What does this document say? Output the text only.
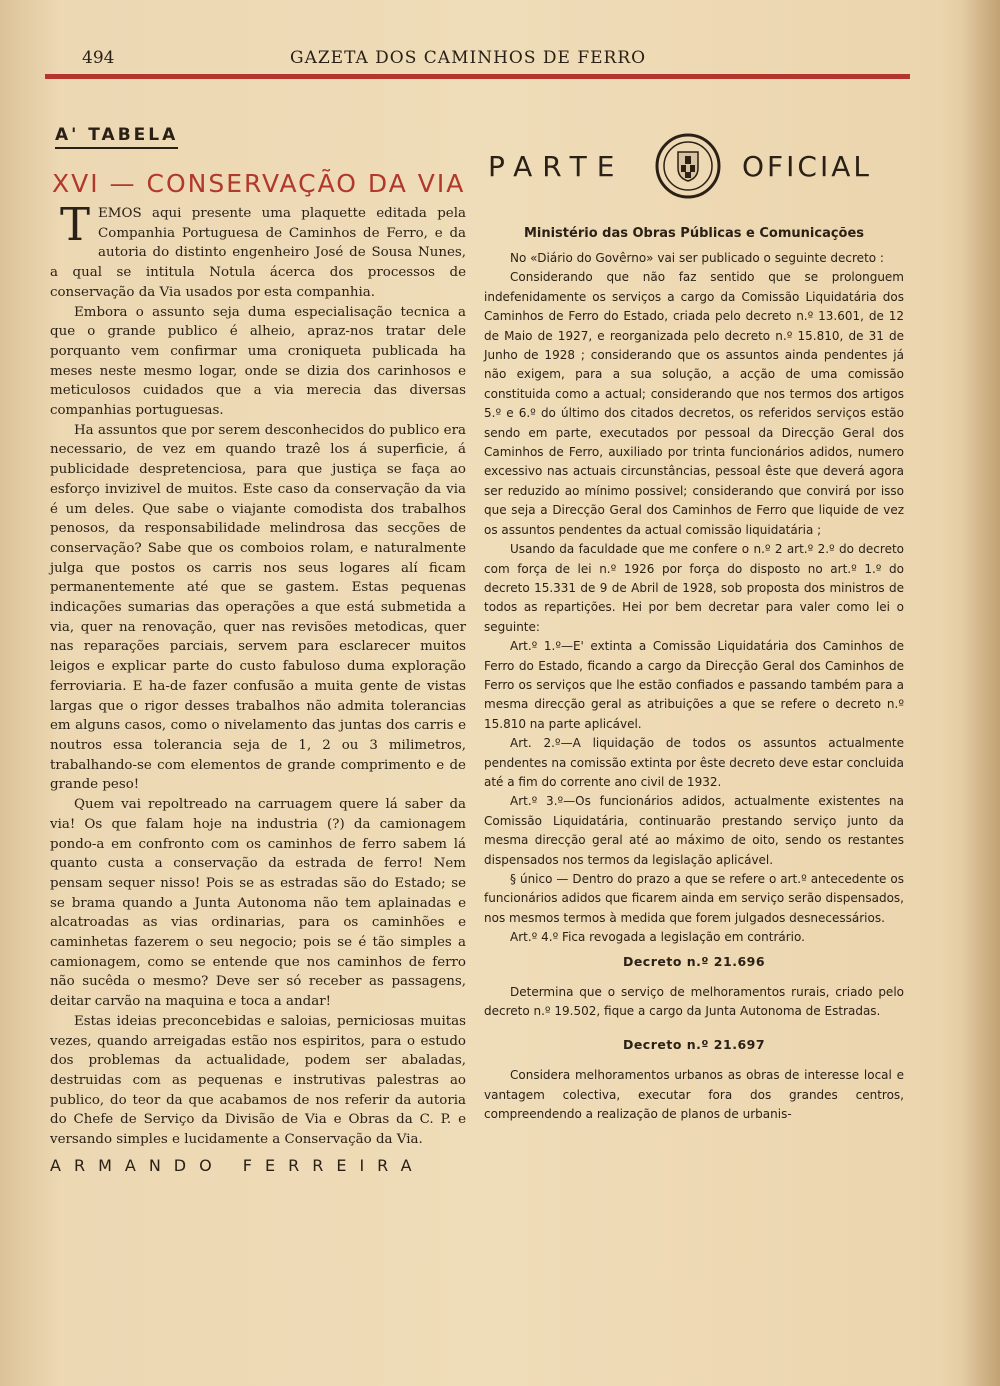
494	GAZETA DOS CAMINHOS DE FERRO
A' TABELA
XVI — CONSERVAÇÃO DA VIA

TEMOS aqui presente uma plaquette editada pela Companhia Portuguesa de Caminhos de Ferro, e da autoria do distinto engenheiro José de Sousa Nunes, a qual se intitula Notula ácerca dos processos de conservação da Via usados por esta companhia.

Embora o assunto seja duma especialisação tecnica a que o grande publico é alheio, apraz-nos tratar dele porquanto vem confirmar uma croniqueta publicada ha meses neste mesmo logar, onde se dizia dos carinhosos e meticulosos cuidados que a via merecia das diversas companhias portuguesas.

Ha assuntos que por serem desconhecidos do publico era necessario, de vez em quando trazê los á superficie, á publicidade despretenciosa, para que justiça se faça ao esforço invizivel de muitos. Este caso da conservação da via é um deles. Que sabe o viajante comodista dos trabalhos penosos, da responsabilidade melindrosa das secções de conservação? Sabe que os comboios rolam, e naturalmente julga que postos os carris nos seus logares alí ficam permanentemente até que se gastem. Estas pequenas indicações sumarias das operações a que está submetida a via, quer na renovação, quer nas revisões metodicas, quer nas reparações parciais, servem para esclarecer muitos leigos e explicar parte do custo fabuloso duma exploração ferroviaria. E ha-de fazer confusão a muita gente de vistas largas que o rigor desses trabalhos não admita tolerancias em alguns casos, como o nivelamento das juntas dos carris e noutros essa tolerancia seja de 1, 2 ou 3 milimetros, trabalhando-se com elementos de grande comprimento e de grande peso!

Quem vai repoltreado na carruagem quere lá saber da via! Os que falam hoje na industria (?) da camionagem pondo-a em confronto com os caminhos de ferro sabem lá quanto custa a conservação da estrada de ferro! Nem pensam sequer nisso! Pois se as estradas são do Estado; se se brama quando a Junta Autonoma não tem aplainadas e alcatroadas as vias ordinarias, para os caminhões e caminhetas fazerem o seu negocio; pois se é tão simples a camionagem, como se entende que nos caminhos de ferro não sucêda o mesmo? Deve ser só receber as passagens, deitar carvão na maquina e toca a andar!

Estas ideias preconcebidas e saloias, perniciosas muitas vezes, quando arreigadas estão nos espiritos, para o estudo dos problemas da actualidade, podem ser abaladas, destruidas com as pequenas e instrutivas palestras ao publico, do teor da que acabamos de nos referir da autoria do Chefe de Serviço da Divisão de Via e Obras da C. P. e versando simples e lucidamente a Conservação da Via.

ARMANDO FERREIRA
PARTE	OFICIAL
Ministério das Obras Públicas e Comunicações

No «Diário do Govêrno» vai ser publicado o seguinte decreto :

Considerando que não faz sentido que se prolonguem indefenidamente os serviços a cargo da Comissão Liquidatária dos Caminhos de Ferro do Estado, criada pelo decreto n.º 13.601, de 12 de Maio de 1927, e reorganizada pelo decreto n.º 15.810, de 31 de Junho de 1928 ; considerando que os assuntos ainda pendentes já não exigem, para a sua solução, a acção de uma comissão constituida como a actual; considerando que nos termos dos artigos 5.º e 6.º do último dos citados decretos, os referidos serviços estão sendo em parte, executados por pessoal da Direcção Geral dos Caminhos de Ferro, auxiliado por trinta funcionários adidos, numero excessivo nas actuais circunstâncias, pessoal êste que deverá agora ser reduzido ao mínimo possivel; considerando que convirá por isso que seja a Direcção Geral dos Caminhos de Ferro que liquide de vez os assuntos pendentes da actual comissão liquidatária ;

Usando da faculdade que me confere o n.º 2 art.º 2.º do decreto com força de lei n.º 1926 por força do disposto no art.º 1.º do decreto 15.331 de 9 de Abril de 1928, sob proposta dos ministros de todos as repartições. Hei por bem decretar para valer como lei o seguinte:

Art.º 1.º—E' extinta a Comissão Liquidatária dos Caminhos de Ferro do Estado, ficando a cargo da Direcção Geral dos Caminhos de Ferro os serviços que lhe estão confiados e passando também para a mesma direcção geral as atribuições a que se refere o decreto n.º 15.810 na parte aplicável.

Art. 2.º—A liquidação de todos os assuntos actualmente pendentes na comissão extinta por êste decreto deve estar concluida até a fim do corrente ano civil de 1932.

Art.º 3.º—Os funcionários adidos, actualmente existentes na Comissão Liquidatária, continuarão prestando serviço junto da mesma direcção geral até ao máximo de oito, sendo os restantes dispensados nos termos da legislação aplicável.

§ único — Dentro do prazo a que se refere o art.º antecedente os funcionários adidos que ficarem ainda em serviço serão dispensados, nos mesmos termos à medida que forem julgados desnecessários.

Art.º 4.º Fica revogada a legislação em contrário.

Decreto n.º 21.696

Determina que o serviço de melhoramentos rurais, criado pelo decreto n.º 19.502, fique a cargo da Junta Autonoma de Estradas.

Decreto n.º 21.697

Considera melhoramentos urbanos as obras de interesse local e vantagem colectiva, executar fora dos grandes centros, compreendendo a realização de planos de urbanis-
